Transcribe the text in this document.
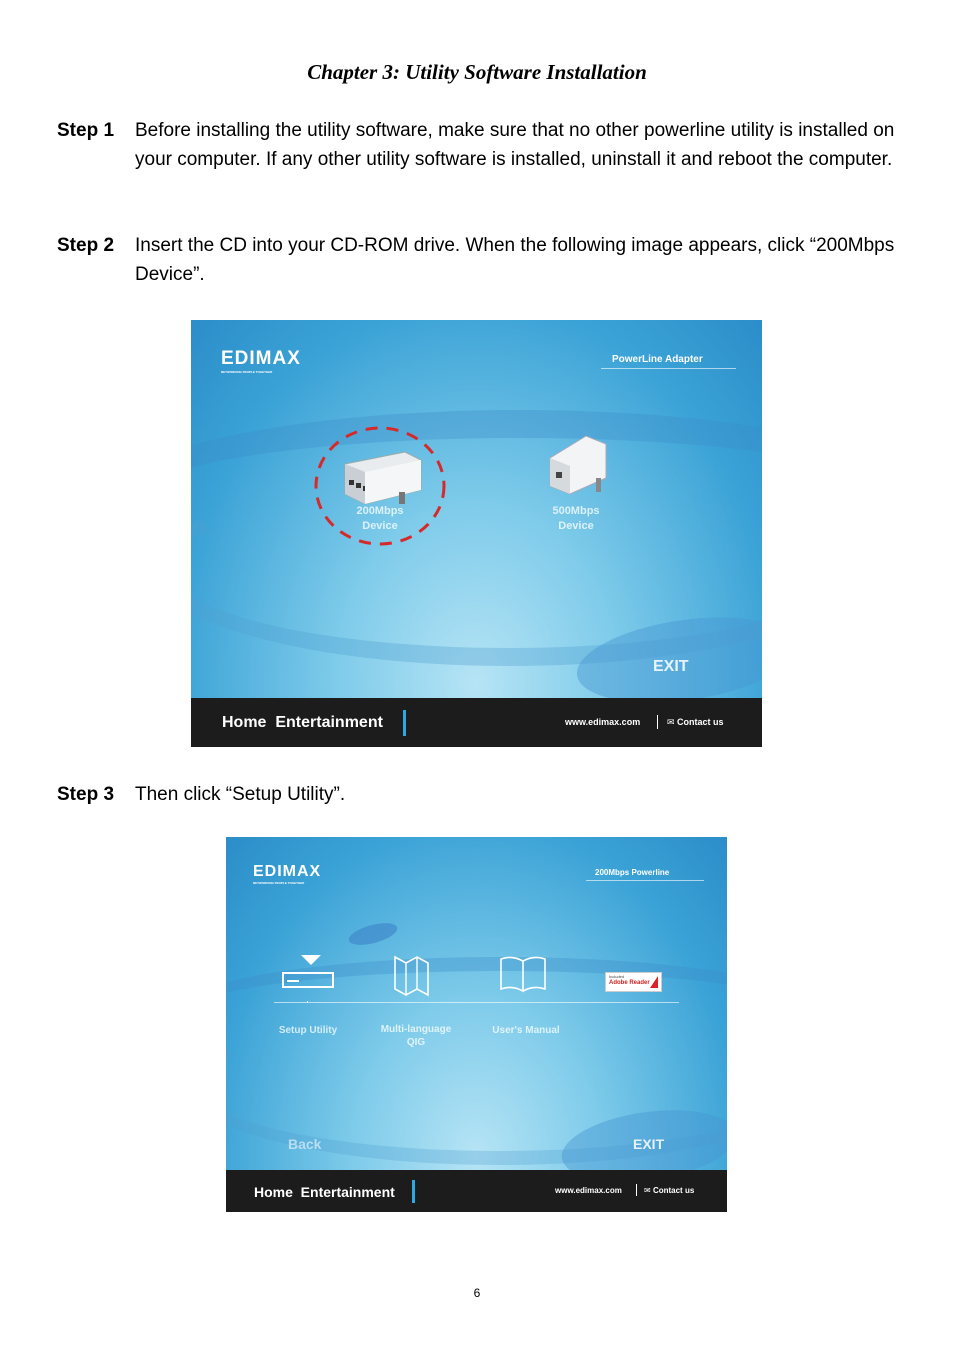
Chapter 3: Utility Software Installation
Step 1 Before installing the utility software, make sure that no other powerline utility is installed on your computer. If any other utility software is installed, uninstall it and reboot the computer.
Step 2 Insert the CD into your CD-ROM drive. When the following image appears, click “200Mbps Device”.
EDIMAX
NETWORKING PEOPLE TOGETHER
PowerLine Adapter
200Mbps
Device
500Mbps
Device
EXIT
Home  Entertainment	www.edimax.com	✉ Contact us
Step 3 Then click “Setup Utility”.
EDIMAX
NETWORKING PEOPLE TOGETHER
200Mbps Powerline
Setup Utility	Multi-language
QIG
User's Manual
Included
Adobe Reader
Back	EXIT
Home  Entertainment	www.edimax.com	✉ Contact us
6
